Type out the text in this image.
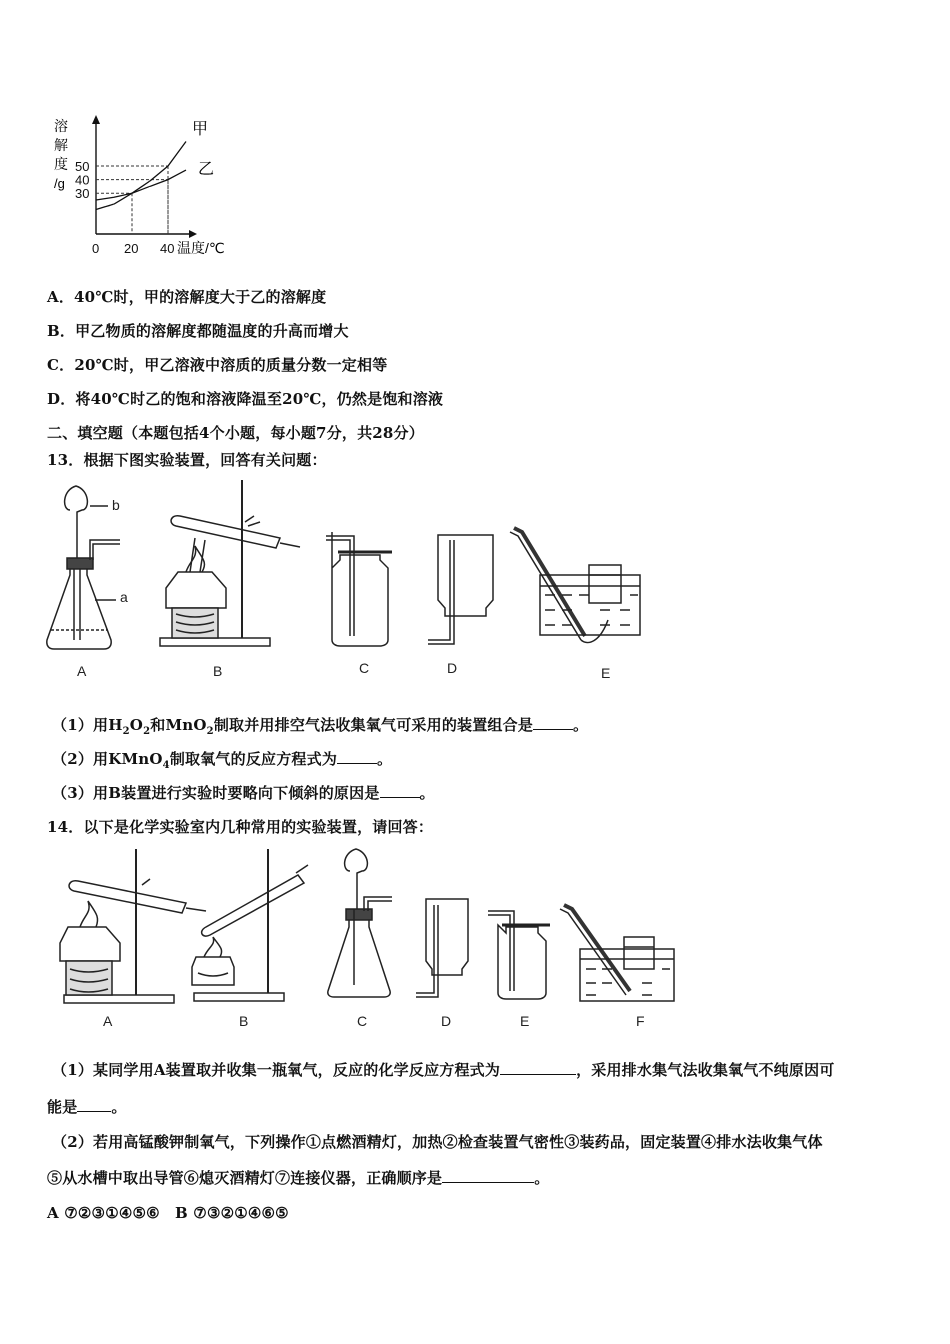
0 20 40
50
40
30
溶
解
度
/g
温度/℃
甲
乙
A．40℃时，甲的溶解度大于乙的溶解度
B．甲乙物质的溶解度都随温度的升高而增大
C．20℃时，甲乙溶液中溶质的质量分数一定相等
D．将40℃时乙的饱和溶液降温至20℃，仍然是饱和溶液
二、填空题（本题包括4个小题，每小题7分，共28分）
13．根据下图实验装置，回答有关问题：
A	B	C	D	E
a
b
（1）用$H_2O_2$和MnO$_2$制取并用排空气法收集氧气可采用的装置组合是	。
（2）用KMnO$_4$制取氧气的反应方程式为	。
（3）用B装置进行实验时要略向下倾斜的原因是	。
14．以下是化学实验室内几种常用的实验装置，请回答：
A	B	C	D	E	F
（1）某同学用A装置取并收集一瓶氧气，反应的化学反应方程式为	，采用排水集气法收集氧气不纯原因可
能是 。
（2）若用高锰酸钾制氧气，下列操作①点燃酒精灯，加热②检查装置气密性③装药品，固定装置④排水法收集气体
⑤从水槽中取出导管⑥熄灭酒精灯⑦连接仪器，正确顺序是	。
A ⑦②③①④⑤⑥　B ⑦③②①④⑥⑤
